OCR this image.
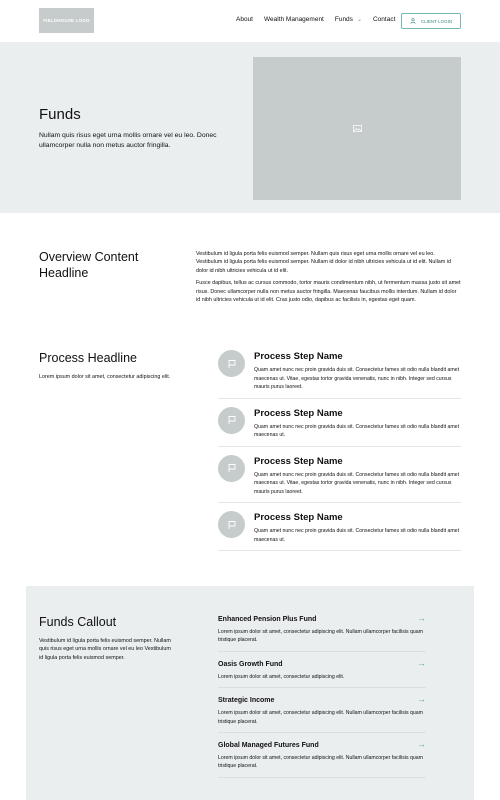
FIELDHOUSE LOGO	About Wealth Management Funds ⌄ Contact	CLIENT LOGIN
Funds

Nullam quis risus eget urna mollis ornare vel eu leo. Donec ullamcorper nulla non metus auctor fringilla.

Overview Content Headline

Vestibulum id ligula porta felis euismod semper. Nullam quis risus eget urna mollis ornare vel eu leo. Vestibulum id ligula porta felis euismod semper. Nullam id dolor id nibh ultricies vehicula ut id elit. Nullam id dolor id nibh ultricies vehicula ut id elit.

Fusce dapibus, tellus ac cursus commodo, tortor mauris condimentum nibh, ut fermentum massa justo sit amet risus. Donec ullamcorper nulla non metus auctor fringilla. Maecenas faucibus mollis interdum. Nullam id dolor id nibh ultricies vehicula ut id elit. Cras justo odio, dapibus ac facilisis in, egestas eget quam.

Process Headline

Lorem ipsum dolor sit amet, consectetur adipiscing elit.

Process Step Name

Quam amet nunc nec proin gravida duis sit. Consectetur fames sit odio nulla blandit amet maecenas ut. Vitae, egestas tortor gravida venenatis, nunc in nibh. Integer sed cursus mauris purus laoreet.

Process Step Name

Quam amet nunc nec proin gravida duis sit. Consectetur fames sit odio nulla blandit amet maecenas ut.

Process Step Name

Quam amet nunc nec proin gravida duis sit. Consectetur fames sit odio nulla blandit amet maecenas ut. Vitae, egestas tortor gravida venenatis, nunc in nibh. Integer sed cursus mauris purus laoreet.

Process Step Name

Quam amet nunc nec proin gravida duis sit. Consectetur fames sit odio nulla blandit amet maecenas ut.

Funds Callout

Vestibulum id ligula porta felis euismod semper. Nullam quis risus eget urna mollis ornare vel eu leo Vestibulum id ligula porta felis euismod semper.

Enhanced Pension Plus Fund

Lorem ipsum dolor sit amet, consectetur adipiscing elit. Nullam ullamcorper facilisis quam tristique placerat.

→
Oasis Growth Fund

Lorem ipsum dolor sit amet, consectetur adipiscing elit.

→
Strategic Income

Lorem ipsum dolor sit amet, consectetur adipiscing elit. Nullam ullamcorper facilisis quam tristique placerat.

→
Global Managed Futures Fund

Lorem ipsum dolor sit amet, consectetur adipiscing elit. Nullam ullamcorper facilisis quam tristique placerat.

→
